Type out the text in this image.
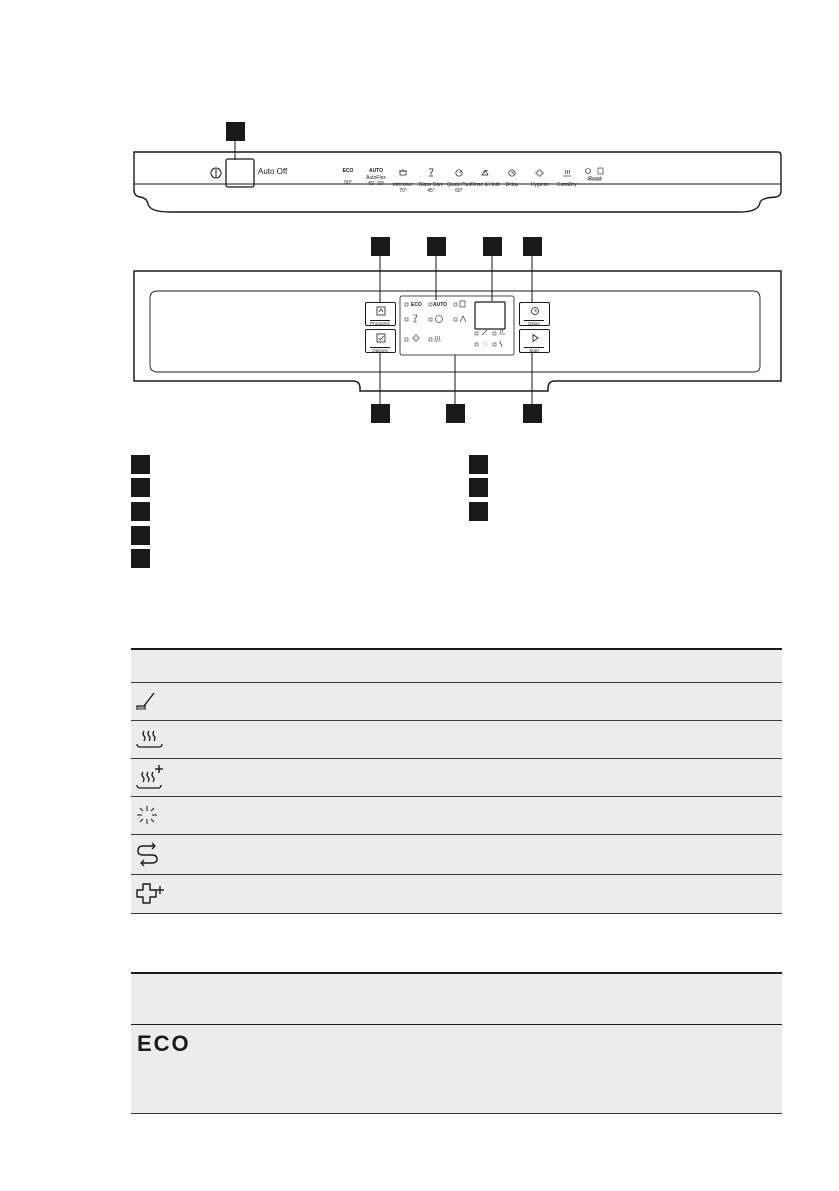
Auto Off	ECO
50°
AUTO
AutoFlex
45°-70°	Intensive
70°
Glass Care
45°
Quick Plus
60°
Rinse & Hold	Delay	Hygiene	ExtraDry
Reset
Programs
Options
Delay
Start
ECO AUTO
ECO
